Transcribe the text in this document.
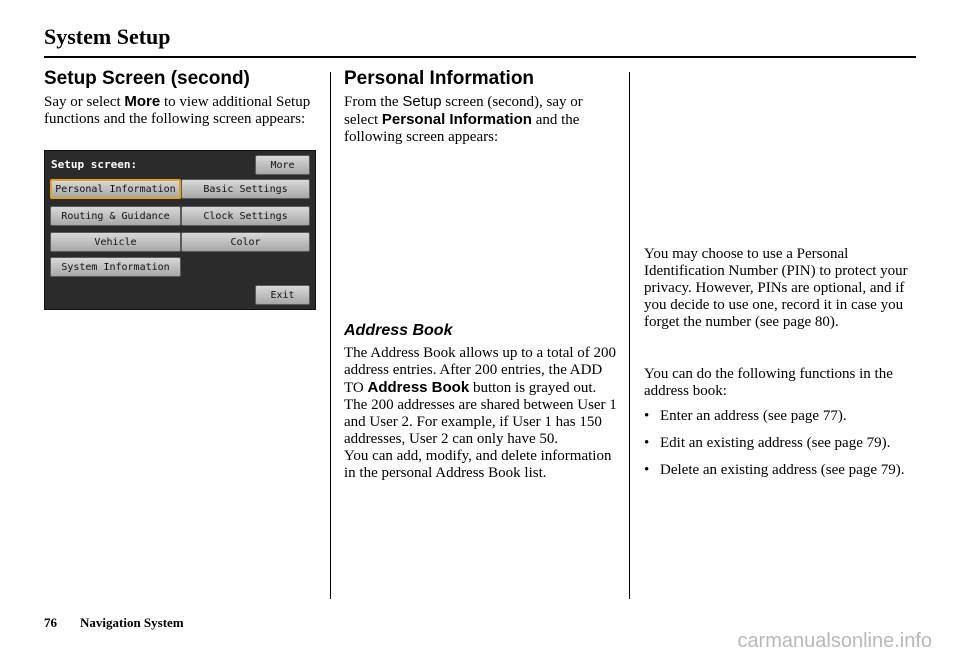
System Setup
Setup Screen (second)

Say or select More to view additional Setup functions and the following screen appears:

Setup screen:	More
Personal Information	Basic Settings
Routing & Guidance	Clock Settings
Vehicle	Color
System Information
Exit
Personal Information

From the Setup screen (second), say or select Personal Information and the following screen appears:

Address Book

The Address Book allows up to a total of 200 address entries. After 200 entries, the ADD TO Address Book button is grayed out. The 200 addresses are shared between User 1 and User 2. For example, if User 1 has 150 addresses, User 2 can only have 50.

You can add, modify, and delete information in the personal Address Book list.

You may choose to use a Personal Identification Number (PIN) to protect your privacy. However, PINs are optional, and if you decide to use one, record it in case you forget the number (see page 80).
You can do the following functions in the address book:
• Enter an address (see page 77).
• Edit an existing address (see page 79).
• Delete an existing address (see page 79).
76 Navigation System
carmanualsonline.info
